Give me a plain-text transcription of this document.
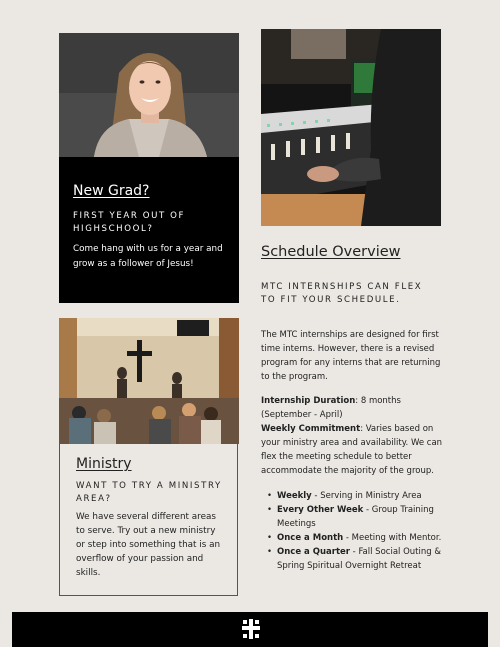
New Grad?
FIRST YEAR OUT OF HIGHSCHOOL?
Come hang with us for a year and grow as a follower of Jesus!
Schedule Overview
MTC INTERNSHIPS CAN FLEX TO FIT YOUR SCHEDULE.
The MTC internships are designed for first time interns. However, there is a revised program for any interns that are returning to the program.
Internship Duration: 8 months (September - April)
Weekly Commitment: Varies based on your ministry area and availability. We can flex the meeting schedule to better accommodate the majority of the group.
• Weekly - Serving in Ministry Area
• Every Other Week - Group Training Meetings
• Once a Month - Meeting with Mentor.
• Once a Quarter - Fall Social Outing & Spring Spiritual Overnight Retreat
Ministry
WANT TO TRY A MINISTRY AREA?
We have several different areas to serve. Try out a new ministry or step into something that is an overflow of your passion and skills.
